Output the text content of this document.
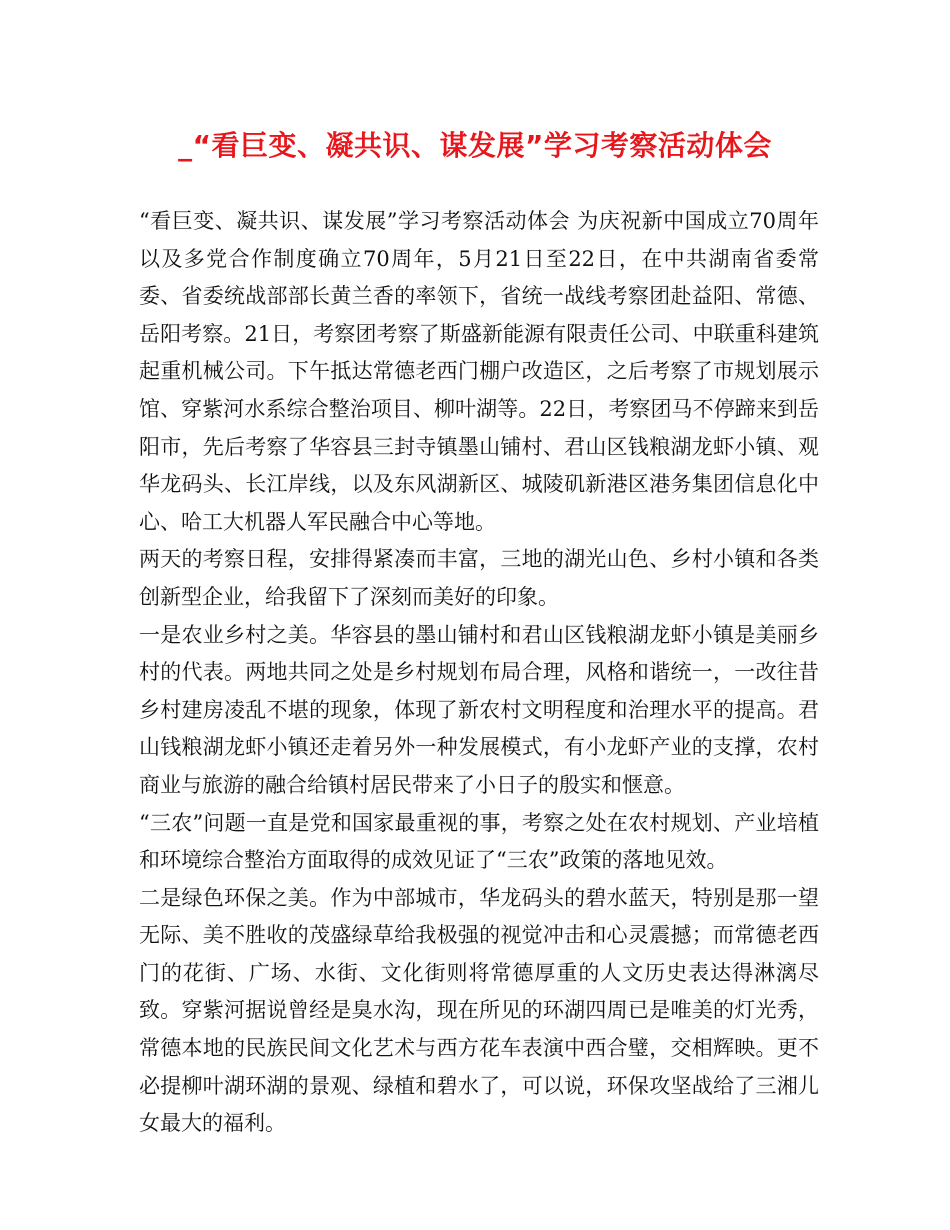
_“看巨变、凝共识、谋发展”学习考察活动体会

“看巨变、凝共识、谋发展”学习考察活动体会 为庆祝新中国成立70周年以及多党合作制度确立70周年，5月21日至22日，在中共湖南省委常委、省委统战部部长黄兰香的率领下，省统一战线考察团赴益阳、常德、岳阳考察。21日，考察团考察了斯盛新能源有限责任公司、中联重科建筑起重机械公司。下午抵达常德老西门棚户改造区，之后考察了市规划展示馆、穿紫河水系综合整治项目、柳叶湖等。22日，考察团马不停蹄来到岳阳市，先后考察了华容县三封寺镇墨山铺村、君山区钱粮湖龙虾小镇、观华龙码头、长江岸线，以及东风湖新区、城陵矶新港区港务集团信息化中心、哈工大机器人军民融合中心等地。

两天的考察日程，安排得紧凑而丰富，三地的湖光山色、乡村小镇和各类创新型企业，给我留下了深刻而美好的印象。

一是农业乡村之美。华容县的墨山铺村和君山区钱粮湖龙虾小镇是美丽乡村的代表。两地共同之处是乡村规划布局合理，风格和谐统一，一改往昔乡村建房凌乱不堪的现象，体现了新农村文明程度和治理水平的提高。君山钱粮湖龙虾小镇还走着另外一种发展模式，有小龙虾产业的支撑，农村商业与旅游的融合给镇村居民带来了小日子的殷实和惬意。

“三农”问题一直是党和国家最重视的事，考察之处在农村规划、产业培植和环境综合整治方面取得的成效见证了“三农”政策的落地见效。

二是绿色环保之美。作为中部城市，华龙码头的碧水蓝天，特别是那一望无际、美不胜收的茂盛绿草给我极强的视觉冲击和心灵震撼；而常德老西门的花街、广场、水街、文化街则将常德厚重的人文历史表达得淋漓尽致。穿紫河据说曾经是臭水沟，现在所见的环湖四周已是唯美的灯光秀，常德本地的民族民间文化艺术与西方花车表演中西合璧，交相辉映。更不必提柳叶湖环湖的景观、绿植和碧水了，可以说，环保攻坚战给了三湘儿女最大的福利。
